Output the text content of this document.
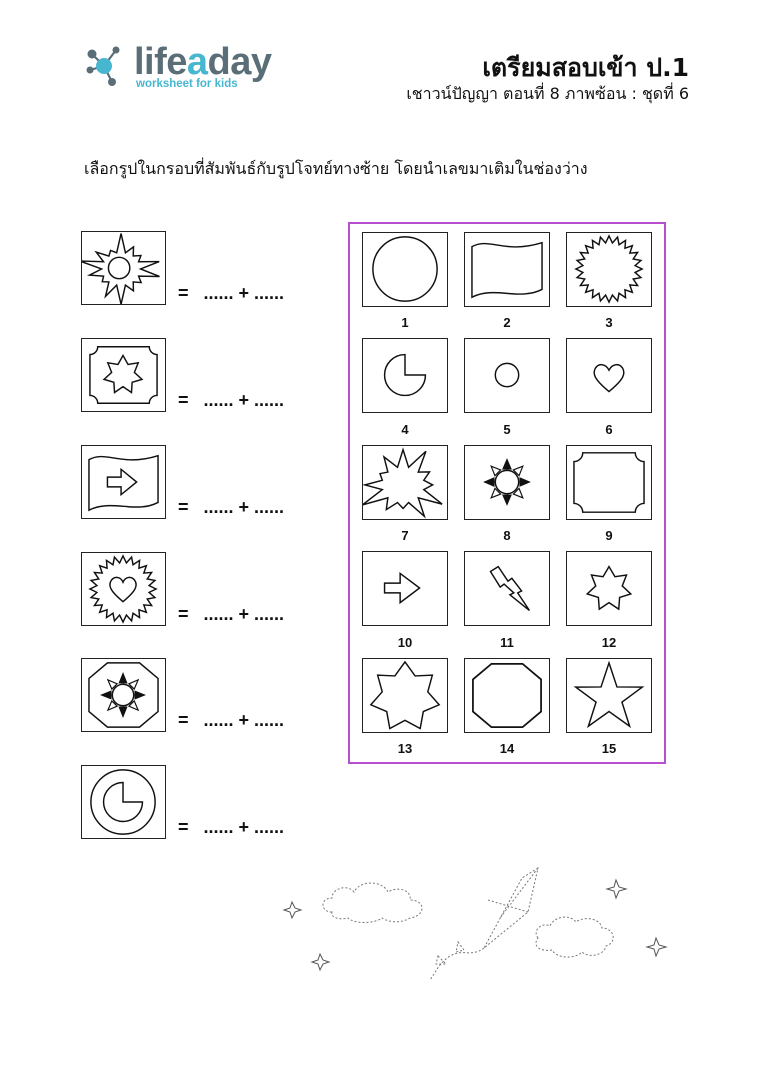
lifeaday
worksheet for kids
เตรียมสอบเข้า ป.1
เชาวน์ปัญญา ตอนที่ 8 ภาพซ้อน : ชุดที่ 6
เลือกรูปในกรอบที่สัมพันธ์กับรูปโจทย์ทางซ้าย โดยนำเลขมาเติมในช่องว่าง
=   ...... + ......
=   ...... + ......
=   ...... + ......
=   ...... + ......
=   ...... + ......
=   ...... + ......
1	2	3
4	5	6
7	8	9
10	11	12
13	14	15
